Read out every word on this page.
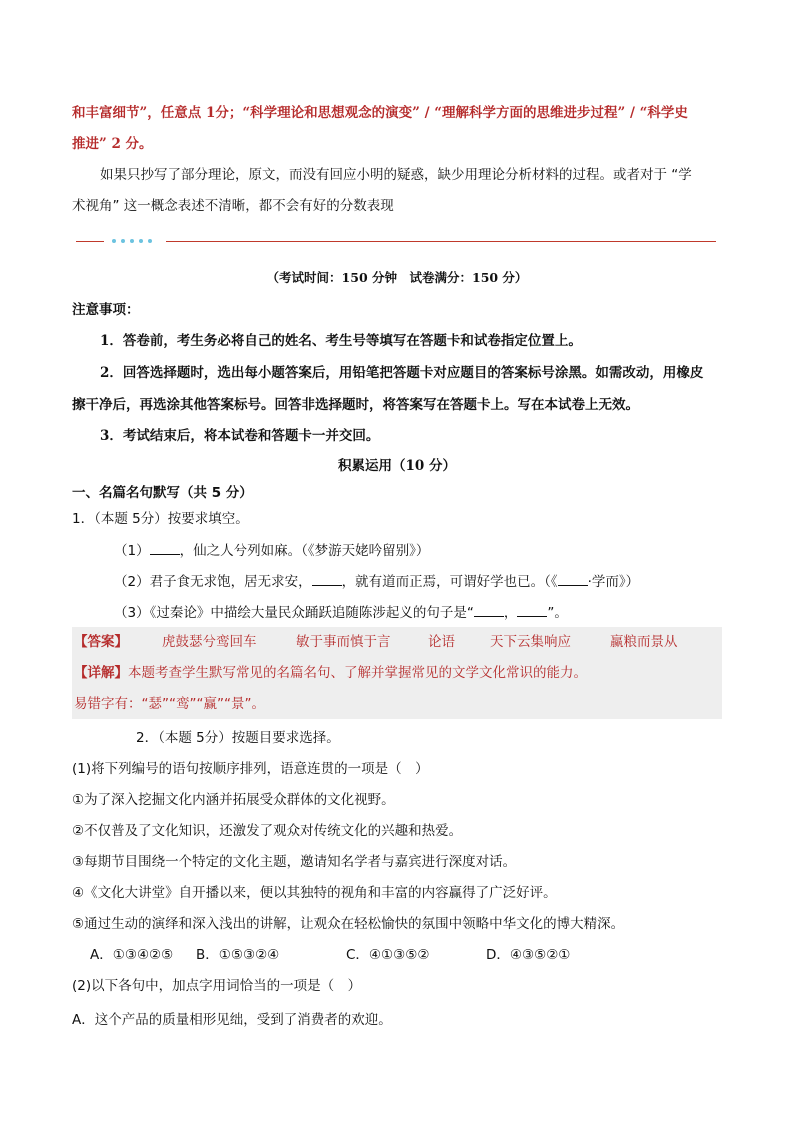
和丰富细节”，任意点 1分；“科学理论和思想观念的演变” / “理解科学方面的思维进步过程” / “科学史
推进” 2 分。
如果只抄写了部分理论，原文，而没有回应小明的疑惑，缺少用理论分析材料的过程。或者对于 “学
术视角” 这一概念表述不清晰，都不会有好的分数表现
（考试时间：150 分钟　试卷满分：150 分）
注意事项：
1．答卷前，考生务必将自己的姓名、考生号等填写在答题卡和试卷指定位置上。
2．回答选择题时，选出每小题答案后，用铅笔把答题卡对应题目的答案标号涂黑。如需改动，用橡皮
擦干净后，再选涂其他答案标号。回答非选择题时，将答案写在答题卡上。写在本试卷上无效。
3．考试结束后，将本试卷和答题卡一并交回。
积累运用（10 分）
一、名篇名句默写（共 5 分）
1．（本题 5分）按要求填空。
（1） ，仙之人兮列如麻。（《梦游天姥吟留别》）
（2）君子食无求饱，居无求安， ，就有道而正焉，可谓好学也已。（《 ·学而》）
（3）《过秦论》中描绘大量民众踊跃追随陈涉起义的句子是“ ， ”。
【答案】	虎鼓瑟兮鸾回车	敏于事而慎于言	论语	天下云集响应	赢粮而景从
【详解】本题考查学生默写常见的名篇名句、了解并掌握常见的文学文化常识的能力。
易错字有：“瑟”“鸾”“赢”“景”。
2．（本题 5分）按题目要求选择。
(1)将下列编号的语句按顺序排列，语意连贯的一项是（　）
①为了深入挖掘文化内涵并拓展受众群体的文化视野。
②不仅普及了文化知识，还激发了观众对传统文化的兴趣和热爱。
③每期节目围绕一个特定的文化主题，邀请知名学者与嘉宾进行深度对话。
④《文化大讲堂》自开播以来，便以其独特的视角和丰富的内容赢得了广泛好评。
⑤通过生动的演绎和深入浅出的讲解，让观众在轻松愉快的氛围中领略中华文化的博大精深。
A．①③④②⑤ B．①⑤③②④	C．④①③⑤②	D．④③⑤②①
(2)以下各句中，加点字用词恰当的一项是（　）
A．这个产品的质量相形见绌，受到了消费者的欢迎。
